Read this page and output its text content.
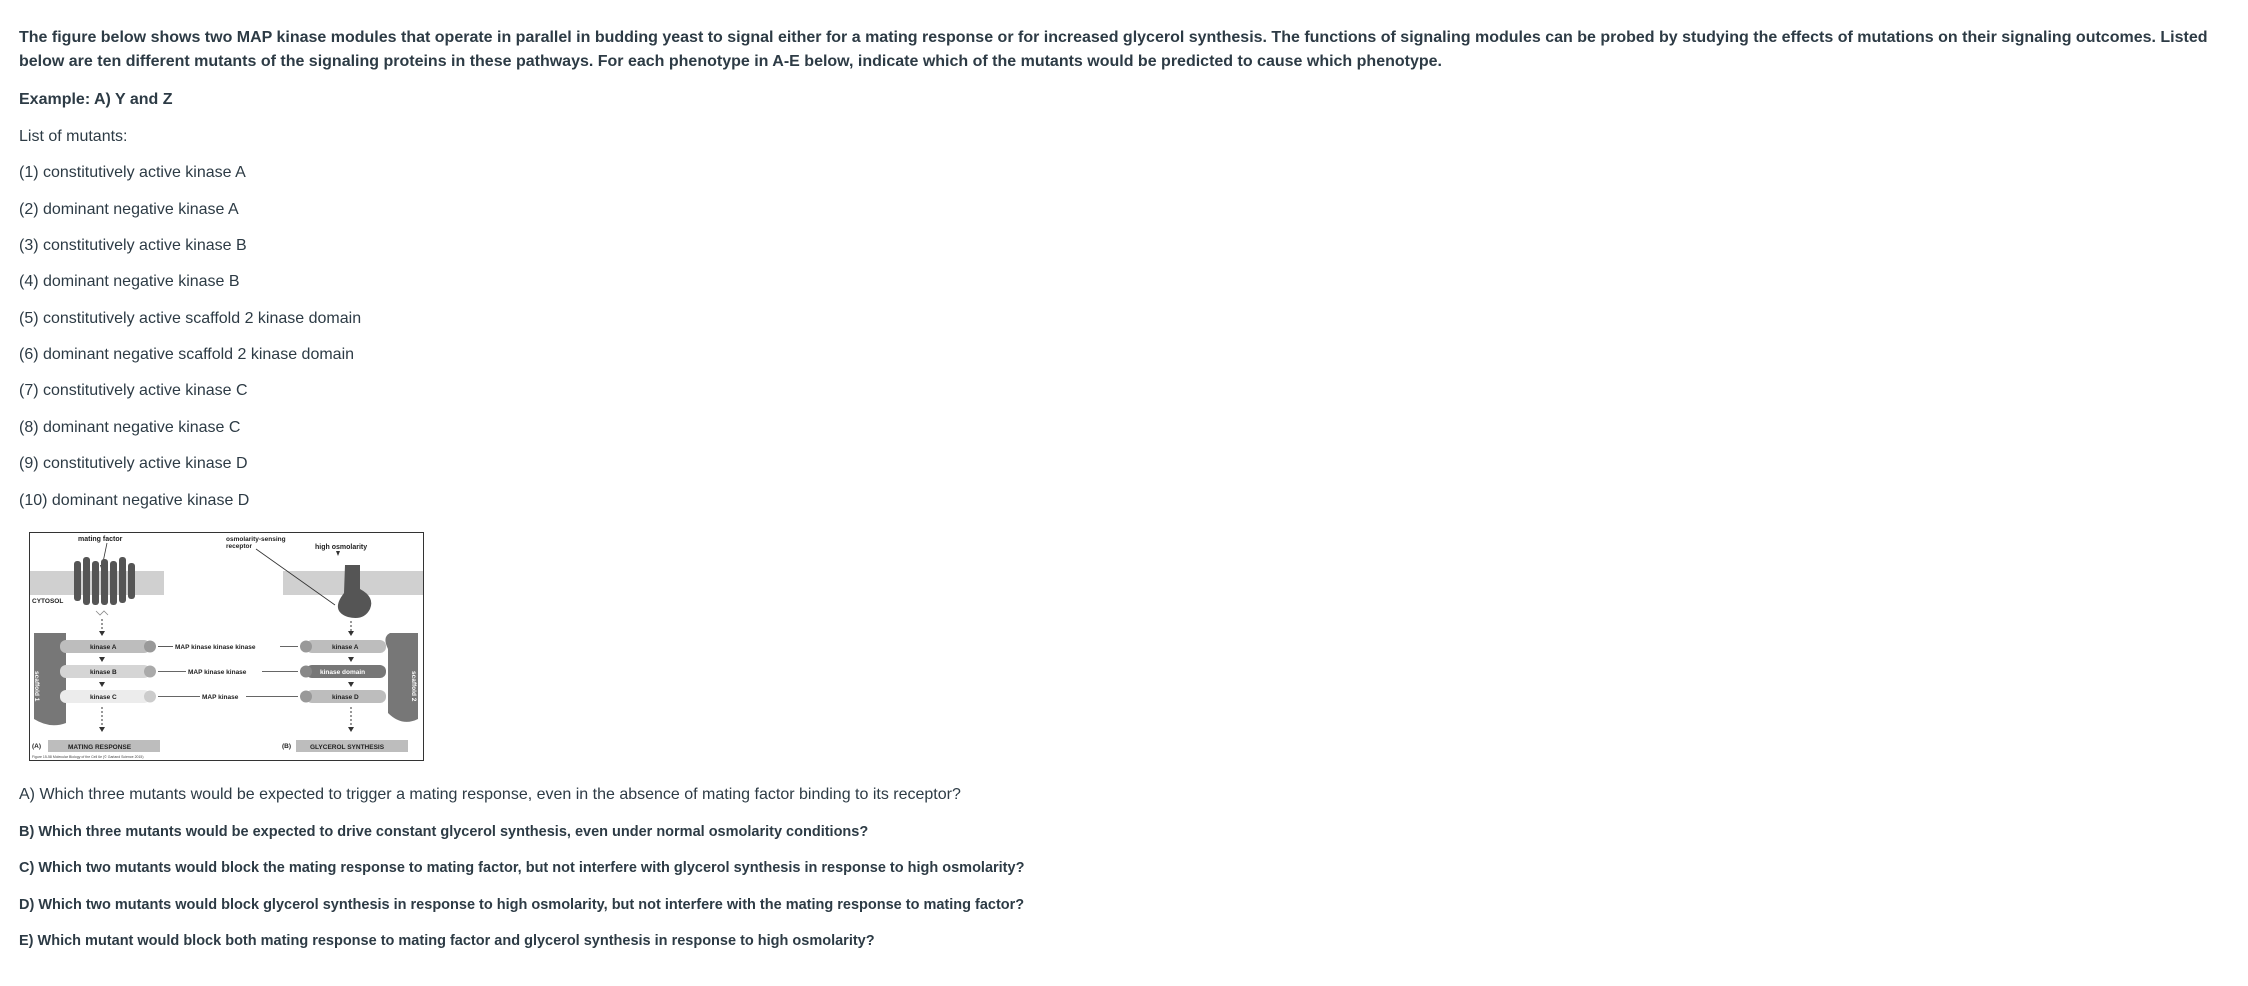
The figure below shows two MAP kinase modules that operate in parallel in budding yeast to signal either for a mating response or for increased glycerol synthesis. The functions of signaling modules can be probed by studying the effects of mutations on their signaling outcomes. Listed below are ten different mutants of the signaling proteins in these pathways. For each phenotype in A-E below, indicate which of the mutants would be predicted to cause which phenotype.

Example: A) Y and Z

List of mutants:

(1) constitutively active kinase A

(2) dominant negative kinase A

(3) constitutively active kinase B

(4) dominant negative kinase B

(5) constitutively active scaffold 2 kinase domain

(6) dominant negative scaffold 2 kinase domain

(7) constitutively active kinase C

(8) dominant negative kinase C

(9) constitutively active kinase D

(10) dominant negative kinase D

mating factor	osmolarity-sensing
receptor	high osmolarity
CYTOSOL
scaffold 1
kinase A
kinase B
kinase C	scaffold 2
kinase A
kinase domain
kinase D
MAP kinase kinase kinase
MAP kinase kinase
MAP kinase
(A)	MATING RESPONSE	(B)	GLYCEROL SYNTHESIS
Figure 15-58 Molecular Biology of the Cell 6e (© Garland Science 2015)

A) Which three mutants would be expected to trigger a mating response, even in the absence of mating factor binding to its receptor?

B) Which three mutants would be expected to drive constant glycerol synthesis, even under normal osmolarity conditions?

C) Which two mutants would block the mating response to mating factor, but not interfere with glycerol synthesis in response to high osmolarity?

D) Which two mutants would block glycerol synthesis in response to high osmolarity, but not interfere with the mating response to mating factor?

E) Which mutant would block both mating response to mating factor and glycerol synthesis in response to high osmolarity?
